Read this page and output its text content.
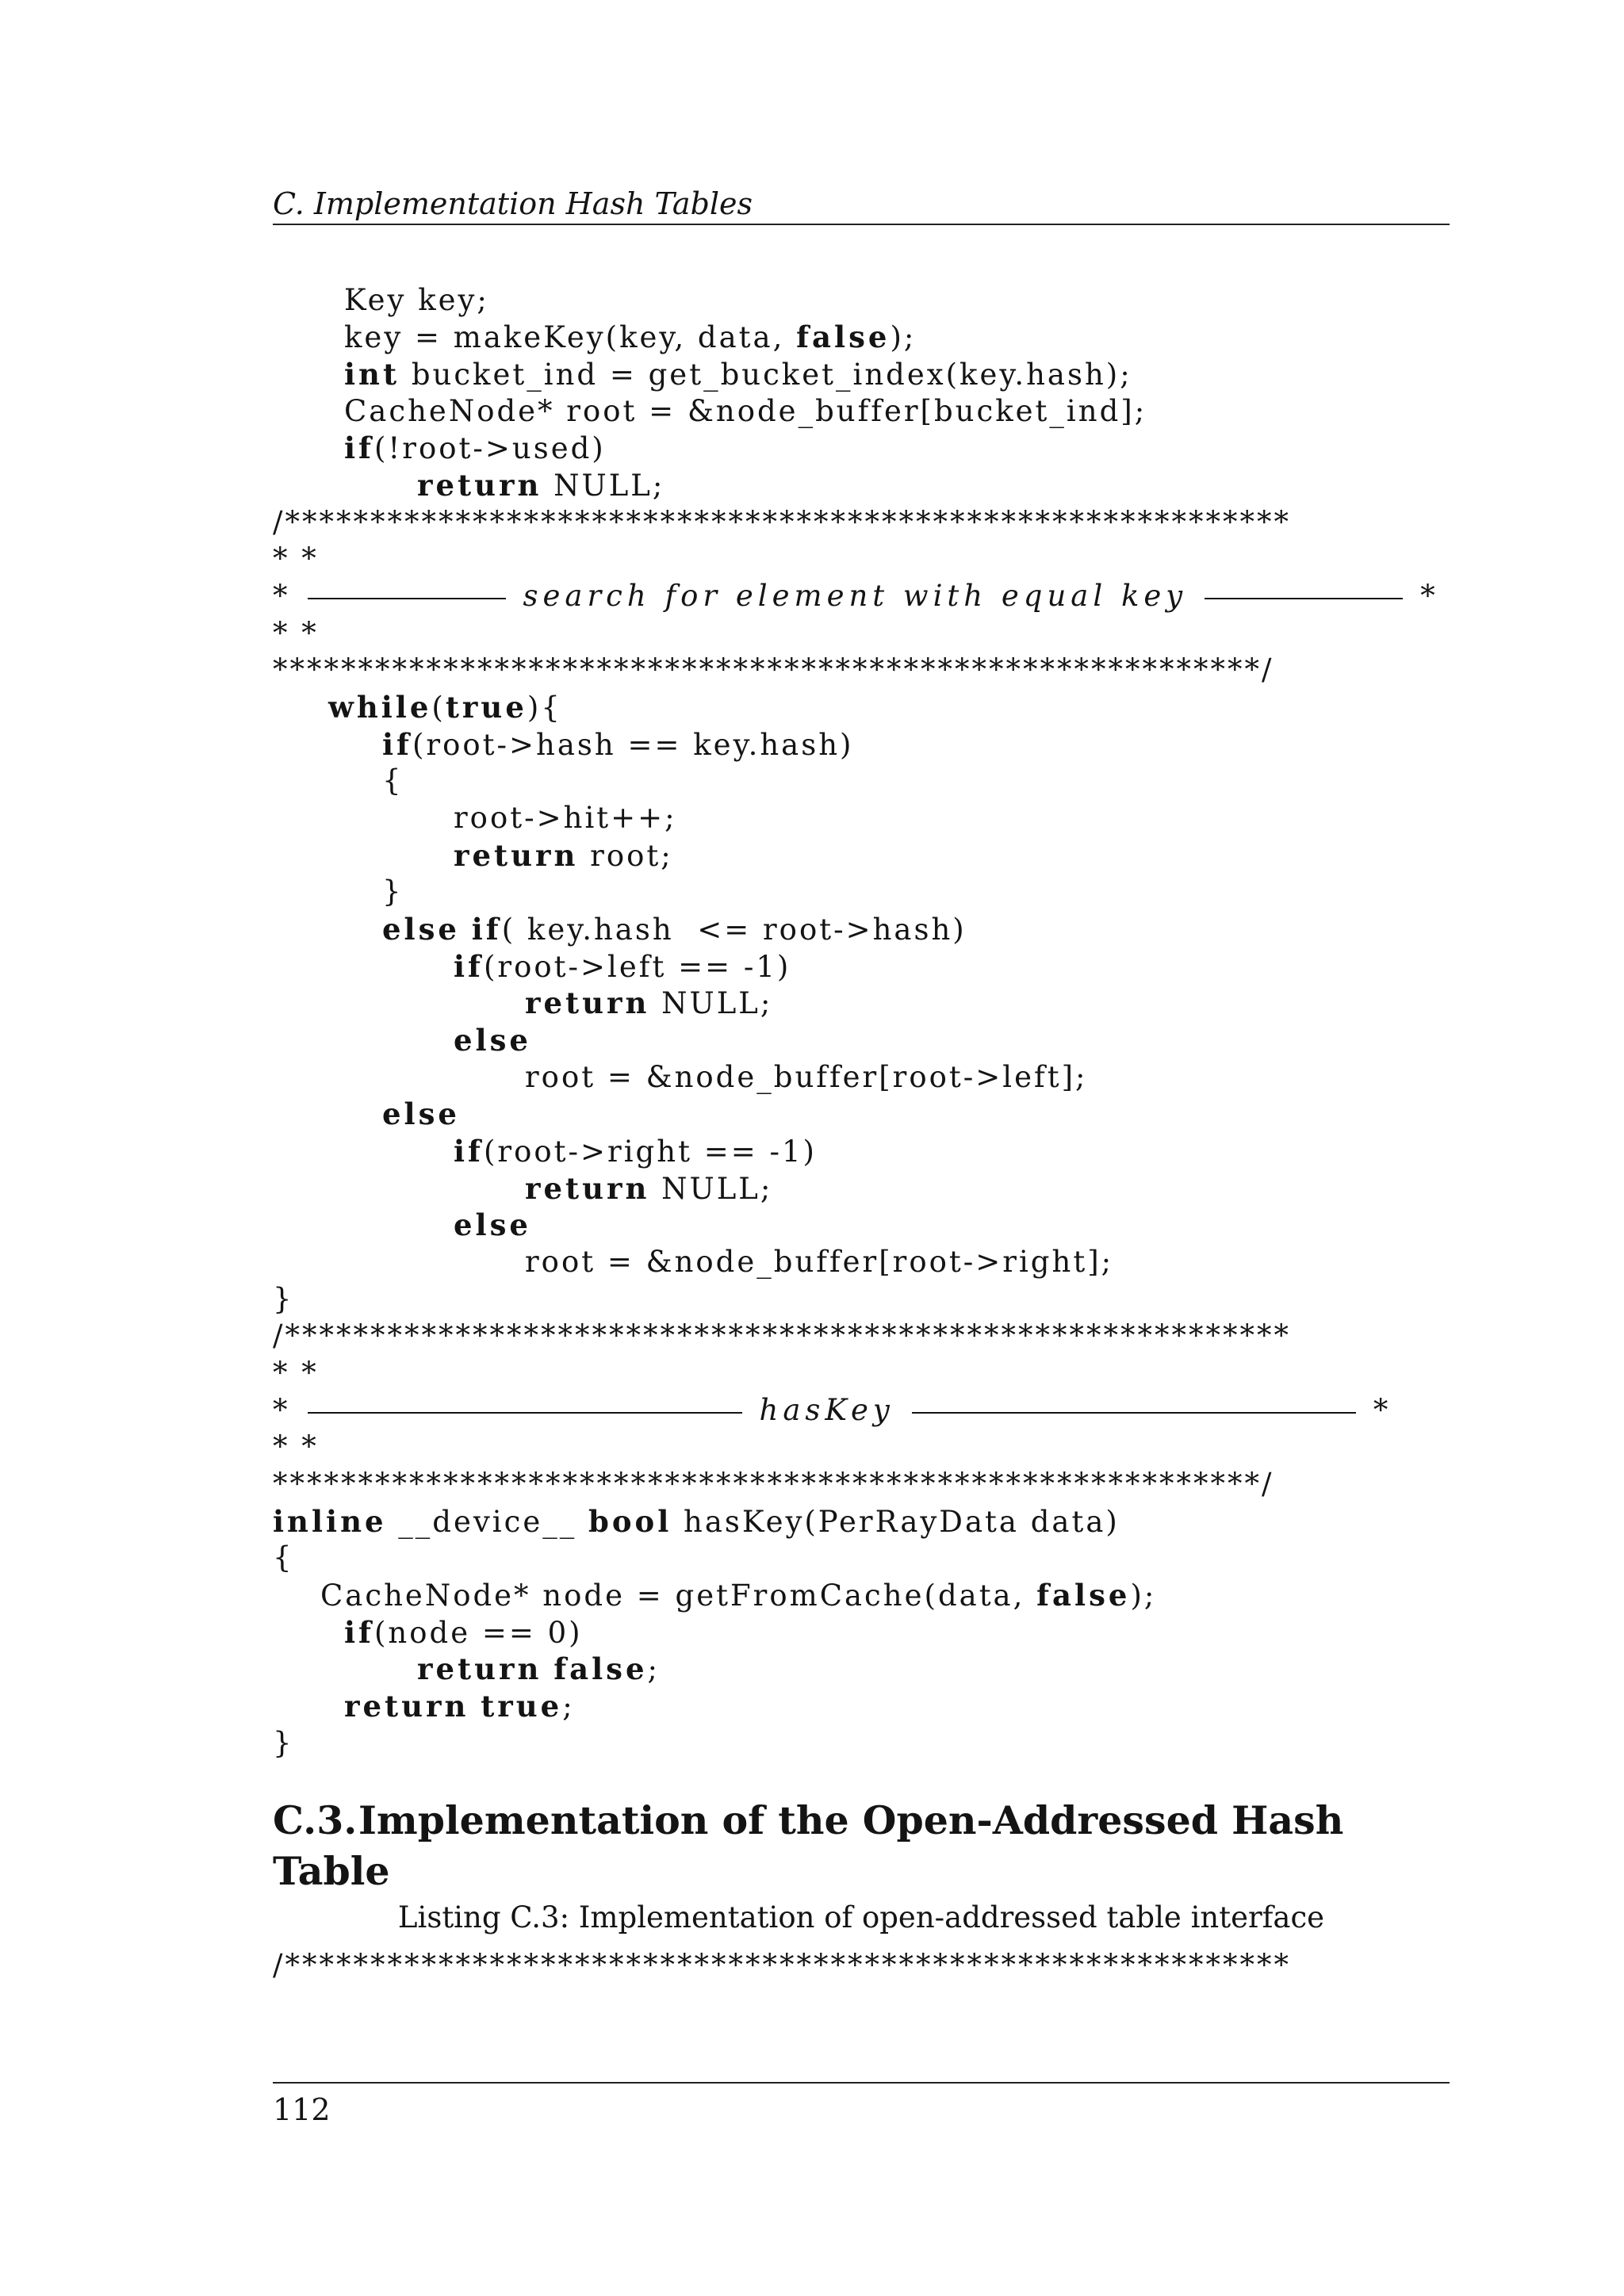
C. Implementation Hash Tables
Key key;
key = makeKey(key, data, false);
int bucket_ind = get_bucket_index(key.hash);
CacheNode* root = &node_buffer[bucket_ind];
if(!root->used)
return NULL;
/***********************************************************
* *
*	search for element with equal key	*
* *
**********************************************************/
while(true){
if(root->hash == key.hash)
{
root->hit++;
return root;
}
else if( key.hash  <= root->hash)
if(root->left == -1)
return NULL;
else
root = &node_buffer[root->left];
else
if(root->right == -1)
return NULL;
else
root = &node_buffer[root->right];
}
/***********************************************************
* *
*	hasKey	*
* *
**********************************************************/
inline __device__ bool hasKey(PerRayData data)
{
CacheNode* node = getFromCache(data, false);
if(node == 0)
return false;
return true;
}
C.3.Implementation of the Open-Addressed Hash Table
Listing C.3: Implementation of open-addressed table interface
/***********************************************************
112
